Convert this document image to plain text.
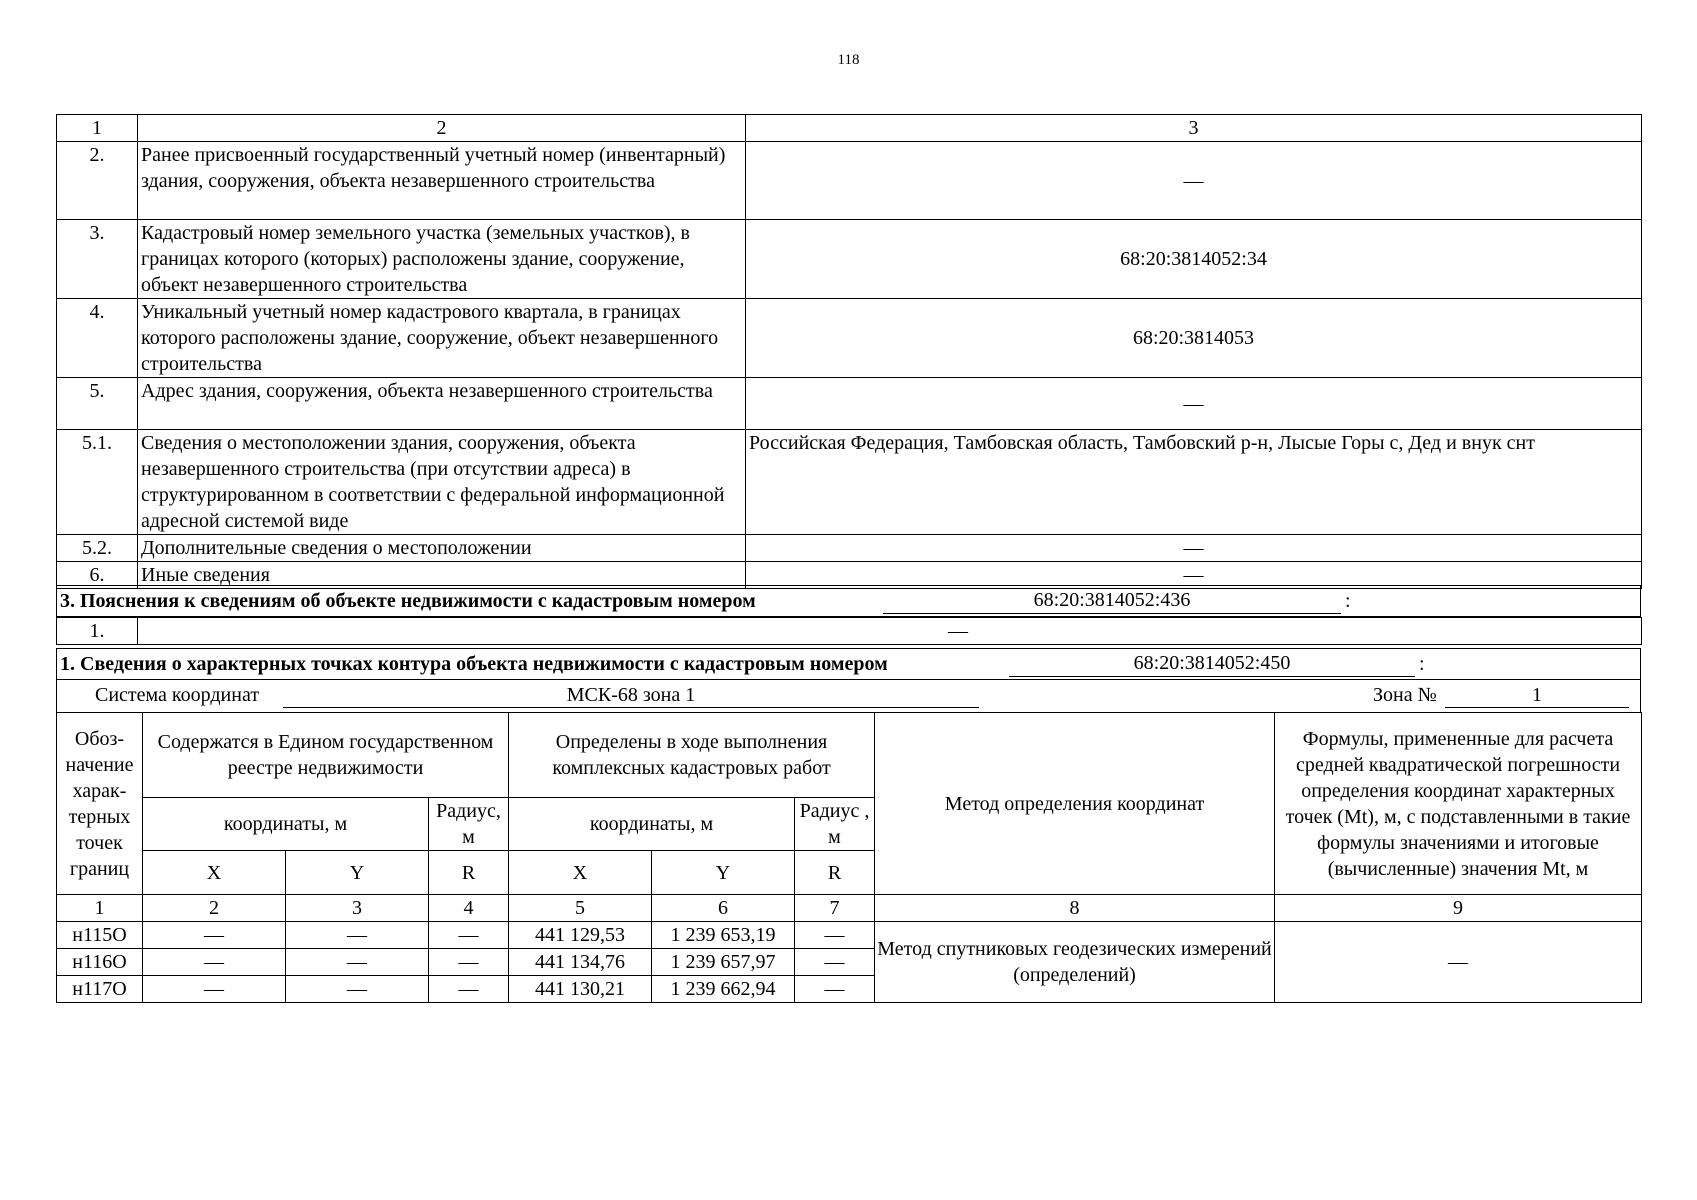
118
1	2	3
2.	Ранее присвоенный государственный учетный номер (инвентарный) здания, сооружения, объекта незавершенного строительства	—
3.	Кадастровый номер земельного участка (земельных участков), в границах которого (которых) расположены здание, сооружение, объект незавершенного строительства	68:20:3814052:34
4.	Уникальный учетный номер кадастрового квартала, в границах которого расположены здание, сооружение, объект незавершенного строительства	68:20:3814053
5.	Адрес здания, сооружения, объекта незавершенного строительства	—
5.1.	Сведения о местоположении здания, сооружения, объекта незавершенного строительства (при отсутствии адреса) в структурированном в соответствии с федеральной информационной адресной системой виде	Российская Федерация, Тамбовская область, Тамбовский р-н, Лысые Горы с, Дед и внук снт
5.2.	Дополнительные сведения о местоположении	—
6.	Иные сведения	—
3. Пояснения к сведениям об объекте недвижимости с кадастровым номером	68:20:3814052:436	:
1.	—
1. Сведения о характерных точках контура объекта недвижимости с кадастровым номером	68:20:3814052:450	:
Система координат	МСК-68 зона 1	Зона №	1
Обоз-начение харак-терных точек границ	Содержатся в Едином государственном реестре недвижимости			Определены в ходе выполнения комплексных кадастровых работ			Метод определения координат	Формулы, примененные для расчета средней квадратической погрешности определения координат характерных точек (Mt), м, с подставленными в такие формулы значениями и итоговые (вычисленные) значения Mt, м
	координаты, м		Радиус, м	координаты, м		Радиус , м		
	X	Y	R	X	Y	R		
1	2	3	4	5	6	7	8	9
н115О	—	—	—	441 129,53	1 239 653,19	—	Метод спутниковых геодезических измерений (определений)	—
н116О	—	—	—	441 134,76	1 239 657,97	—		
н117О	—	—	—	441 130,21	1 239 662,94	—		
